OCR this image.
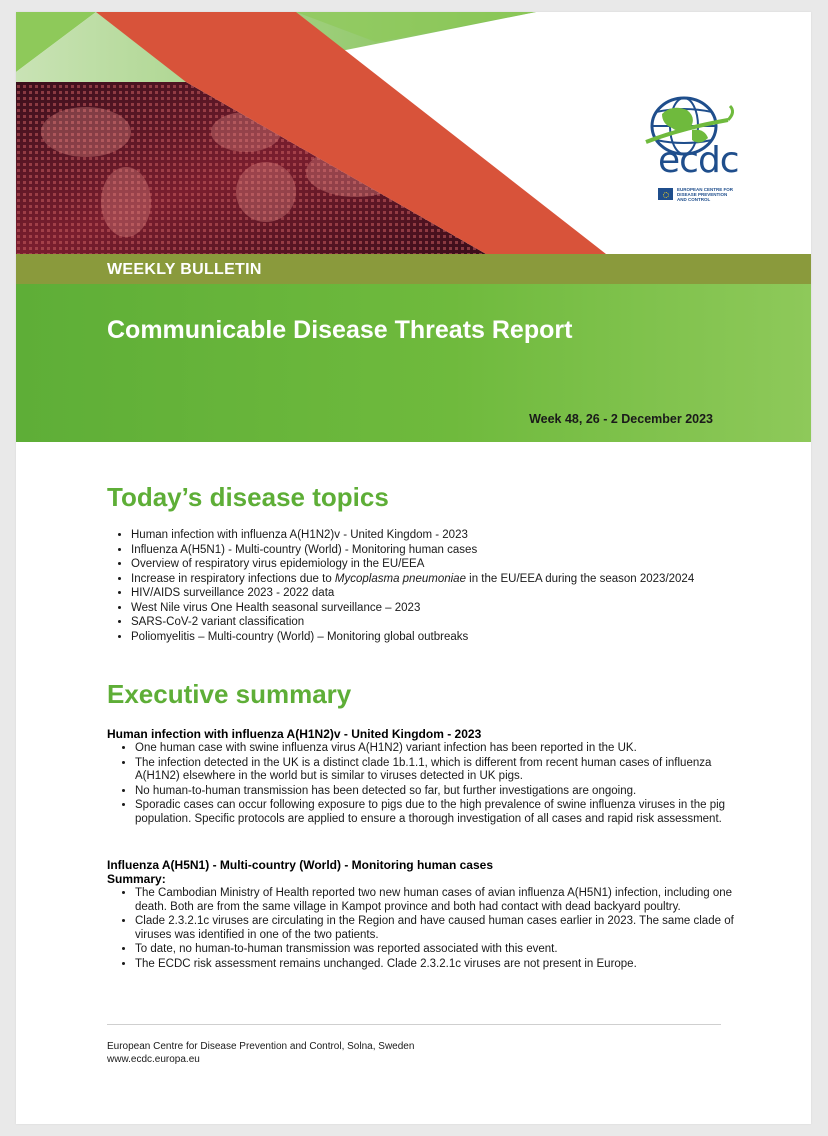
WEEKLY BULLETIN
Communicable Disease Threats Report
Week 48, 26 - 2 December 2023
ecdc
EUROPEAN CENTRE FOR
DISEASE PREVENTION
AND CONTROL
Today’s disease topics
• Human infection with influenza A(H1N2)v - United Kingdom - 2023
• Influenza A(H5N1) - Multi-country (World) - Monitoring human cases
• Overview of respiratory virus epidemiology in the EU/EEA
• Increase in respiratory infections due to Mycoplasma pneumoniae in the EU/EEA during the season 2023/2024
• HIV/AIDS surveillance 2023 - 2022 data
• West Nile virus One Health seasonal surveillance – 2023
• SARS-CoV-2 variant classification
• Poliomyelitis – Multi-country (World) – Monitoring global outbreaks
Executive summary
Human infection with influenza A(H1N2)v - United Kingdom - 2023
• One human case with swine influenza virus A(H1N2) variant infection has been reported in the UK.
• The infection detected in the UK is a distinct clade 1b.1.1, which is different from recent human cases of influenza A(H1N2) elsewhere in the world but is similar to viruses detected in UK pigs.
• No human-to-human transmission has been detected so far, but further investigations are ongoing.
• Sporadic cases can occur following exposure to pigs due to the high prevalence of swine influenza viruses in the pig population. Specific protocols are applied to ensure a thorough investigation of all cases and rapid risk assessment.
Influenza A(H5N1) - Multi-country (World) - Monitoring human cases
Summary:
• The Cambodian Ministry of Health reported two new human cases of avian influenza A(H5N1) infection, including one death. Both are from the same village in Kampot province and both had contact with dead backyard poultry.
• Clade 2.3.2.1c viruses are circulating in the Region and have caused human cases earlier in 2023. The same clade of viruses was identified in one of the two patients.
• To date, no human-to-human transmission was reported associated with this event.
• The ECDC risk assessment remains unchanged. Clade 2.3.2.1c viruses are not present in Europe.
European Centre for Disease Prevention and Control, Solna, Sweden
www.ecdc.europa.eu
